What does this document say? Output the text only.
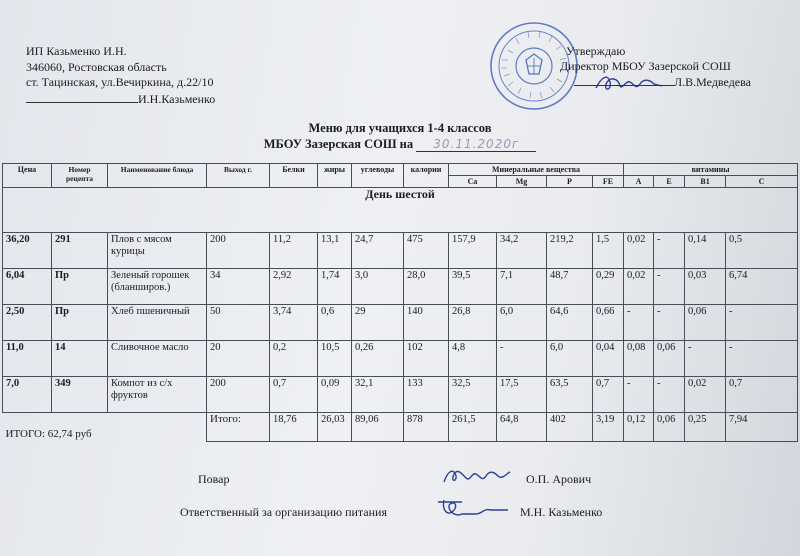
ИП Казьменко И.Н.
346060, Ростовская область
ст. Тацинская, ул.Вечиркина, д.22/10
И.Н.Казьменко
Утверждаю
Директор МБОУ Зазерской СОШ
Л.В.Медведева
Меню для учащихся 1-4 классов
МБОУ Зазерская СОШ на 30.11.2020г
Цена	Номер рецепта	Наименование блюда	Выход г.	Белки	жиры	углеводы	калории	Минеральные вещества				витамины			
								Ca	Mg	P	FE	A	E	B1	C
День шестой															
36,20	291	Плов с мясом курицы	200	11,2	13,1	24,7	475	157,9	34,2	219,2	1,5	0,02	-	0,14	0,5
6,04	Пр	Зеленый горошек (бланширов.)	34	2,92	1,74	3,0	28,0	39,5	7,1	48,7	0,29	0,02	-	0,03	6,74
2,50	Пр	Хлеб пшеничный	50	3,74	0,6	29	140	26,8	6,0	64,6	0,66	-	-	0,06	-
11,0	14	Сливочное масло	20	0,2	10,5	0,26	102	4,8	-	6,0	0,04	0,08	0,06	-	-
7,0	349	Компот из с/х фруктов	200	0,7	0,09	32,1	133	32,5	17,5	63,5	0,7	-	-	0,02	0,7
ИТОГО: 62,74 руб			Итого:	18,76	26,03	89,06	878	261,5	64,8	402	3,19	0,12	0,06	0,25	7,94
Повар	О.П. Арович
Ответственный за организацию питания	М.Н. Казьменко
